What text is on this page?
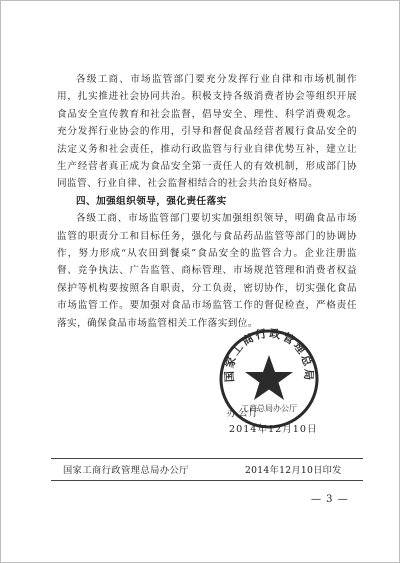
各级工商、市场监管部门要充分发挥行业自律和市场机制作用，扎实推进社会协同共治。积极支持各级消费者协会等组织开展食品安全宣传教育和社会监督，倡导安全、理性、科学消费观念。充分发挥行业协会的作用，引导和督促食品经营者履行食品安全的法定义务和社会责任，推动行政监管与行业自律优势互补，建立让生产经营者真正成为食品安全第一责任人的有效机制，形成部门协同监管、行业自律、社会监督相结合的社会共治良好格局。

四、加强组织领导，强化责任落实

各级工商、市场监管部门要切实加强组织领导，明确食品市场监管的职责分工和目标任务，强化与食品药品监管等部门的协调协作，努力形成“从农田到餐桌”食品安全的监管合力。企业注册监督、竞争执法、广告监管、商标管理、市场规范管理和消费者权益保护等机构要按照各自职责，分工负责，密切协作，切实强化食品市场监管工作。要加强对食品市场监管工作的督促检查，严格责任落实，确保食品市场监管相关工作落实到位。

国家工商行政管理总局
工商总局办公厅
办公厅
2014年12月10日
国家工商行政管理总局办公厅	2014年12月10日印发
— 3 —
